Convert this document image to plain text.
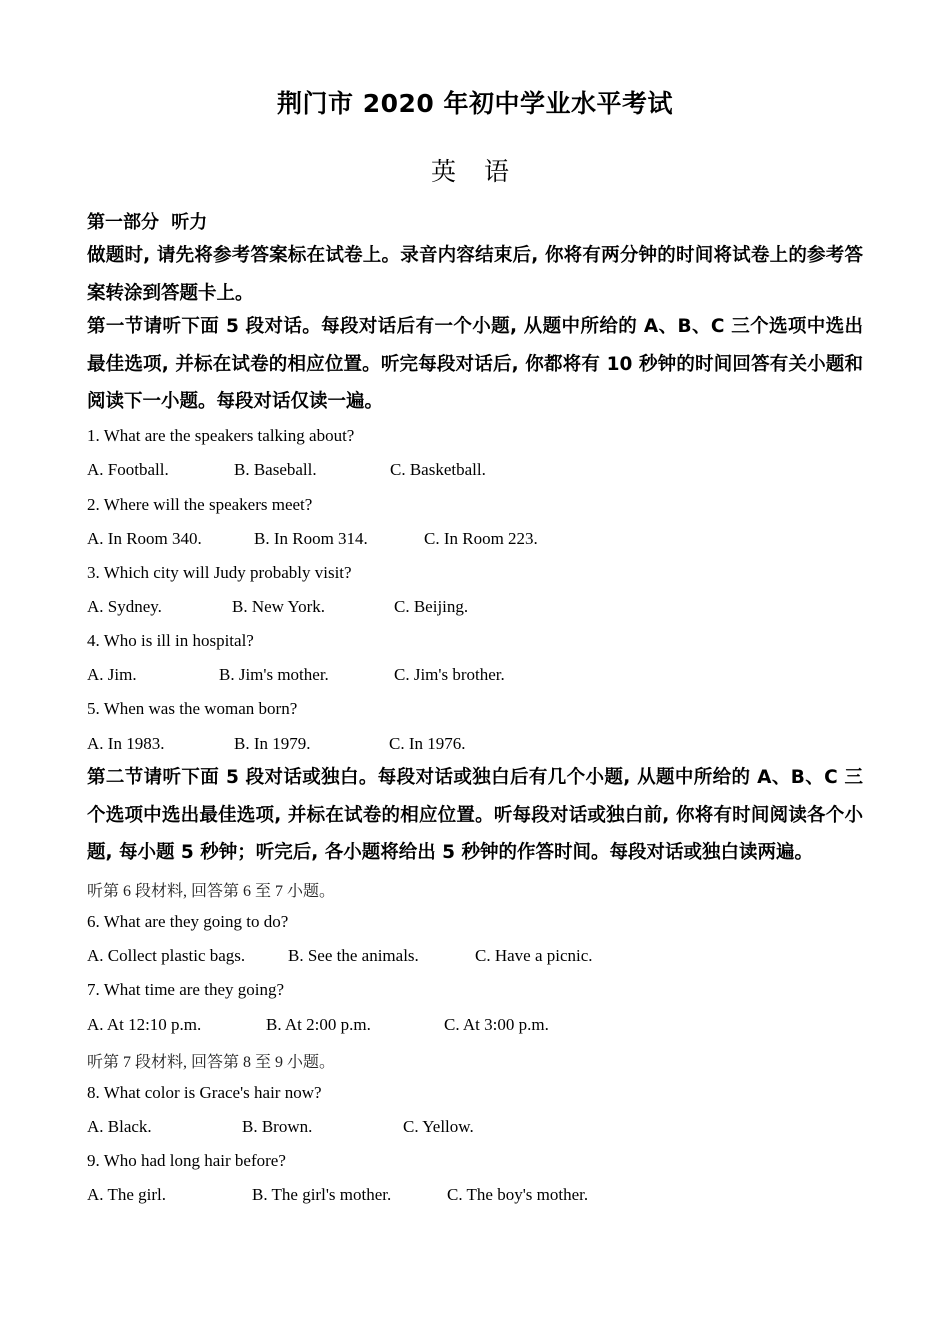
荆门市 2020 年初中学业水平考试
英 语
第一部分 听力
做题时, 请先将参考答案标在试卷上。录音内容结束后, 你将有两分钟的时间将试卷上的参考答案转涂到答题卡上。
第一节请听下面 5 段对话。每段对话后有一个小题, 从题中所给的 A、B、C 三个选项中选出最佳选项, 并标在试卷的相应位置。听完每段对话后, 你都将有 10 秒钟的时间回答有关小题和阅读下一小题。每段对话仅读一遍。
1. What are the speakers talking about?
A. Football.	B. Baseball.	C. Basketball.
2. Where will the speakers meet?
A. In Room 340.	B. In Room 314.	C. In Room 223.
3. Which city will Judy probably visit?
A. Sydney.	B. New York.	C. Beijing.
4. Who is ill in hospital?
A. Jim.	B. Jim's mother.	C. Jim's brother.
5. When was the woman born?
A. In 1983.	B. In 1979.	C. In 1976.
第二节请听下面 5 段对话或独白。每段对话或独白后有几个小题, 从题中所给的 A、B、C 三个选项中选出最佳选项, 并标在试卷的相应位置。听每段对话或独白前, 你将有时间阅读各个小题, 每小题 5 秒钟；听完后, 各小题将给出 5 秒钟的作答时间。每段对话或独白读两遍。
听第 6 段材料, 回答第 6 至 7 小题。
6. What are they going to do?
A. Collect plastic bags.	B. See the animals.	C. Have a picnic.
7. What time are they going?
A. At 12:10 p.m.	B. At 2:00 p.m.	C. At 3:00 p.m.
听第 7 段材料, 回答第 8 至 9 小题。
8. What color is Grace's hair now?
A. Black.	B. Brown.	C. Yellow.
9. Who had long hair before?
A. The girl.	B. The girl's mother.	C. The boy's mother.
